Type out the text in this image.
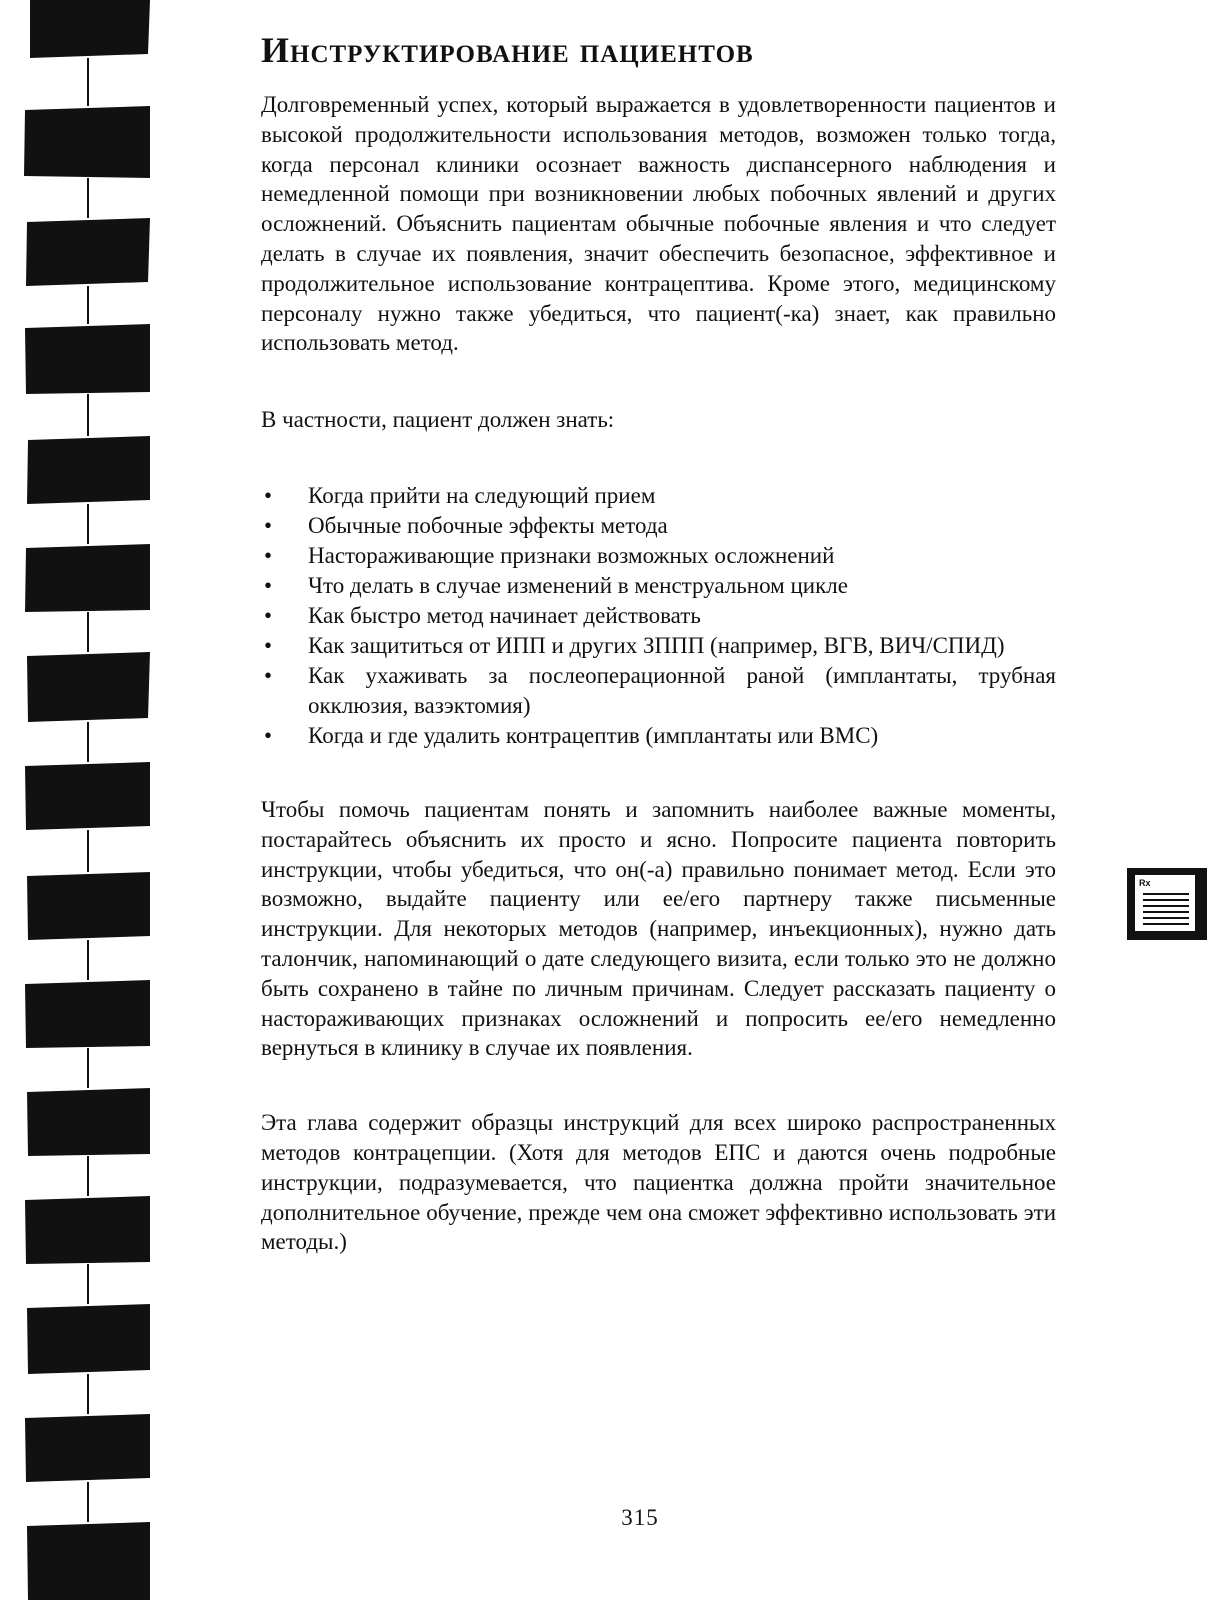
Инструктирование пациентов

Долговременный успех, который выражается в удовлетворенности пациентов и высокой продолжительности использования методов, возможен только тогда, когда персонал клиники осознает важность диспансерного наблюдения и немедленной помощи при возникновении любых побочных явлений и других осложнений. Объяснить пациентам обычные побочные явления и что следует делать в случае их появления, значит обеспечить безопасное, эффективное и продолжительное использование контрацептива. Кроме этого, медицинскому персоналу нужно также убедиться, что пациент(-ка) знает, как правильно использовать метод.

В частности, пациент должен знать:

• Когда прийти на следующий прием
• Обычные побочные эффекты метода
• Настораживающие признаки возможных осложнений
• Что делать в случае изменений в менструальном цикле
• Как быстро метод начинает действовать
• Как защититься от ИПП и других ЗППП (например, ВГВ, ВИЧ/СПИД)
• Как ухаживать за послеоперационной раной (имплантаты, трубная окклюзия, вазэктомия)
• Когда и где удалить контрацептив (имплантаты или ВМС)

Чтобы помочь пациентам понять и запомнить наиболее важные моменты, постарайтесь объяснить их просто и ясно. Попросите пациента повторить инструкции, чтобы убедиться, что он(-а) правильно понимает метод. Если это возможно, выдайте пациенту или ее/его партнеру также письменные инструкции. Для некоторых методов (например, инъекционных), нужно дать талончик, напоминающий о дате следующего визита, если только это не должно быть сохранено в тайне по личным причинам. Следует рассказать пациенту о настораживающих признаках осложнений и попросить ее/его немедленно вернуться в клинику в случае их появления.

Эта глава содержит образцы инструкций для всех широко распространенных методов контрацепции. (Хотя для методов ЕПС и даются очень подробные инструкции, подразумевается, что пациентка должна пройти значительное дополнительное обучение, прежде чем она сможет эффективно использовать эти методы.)

Rx
315
